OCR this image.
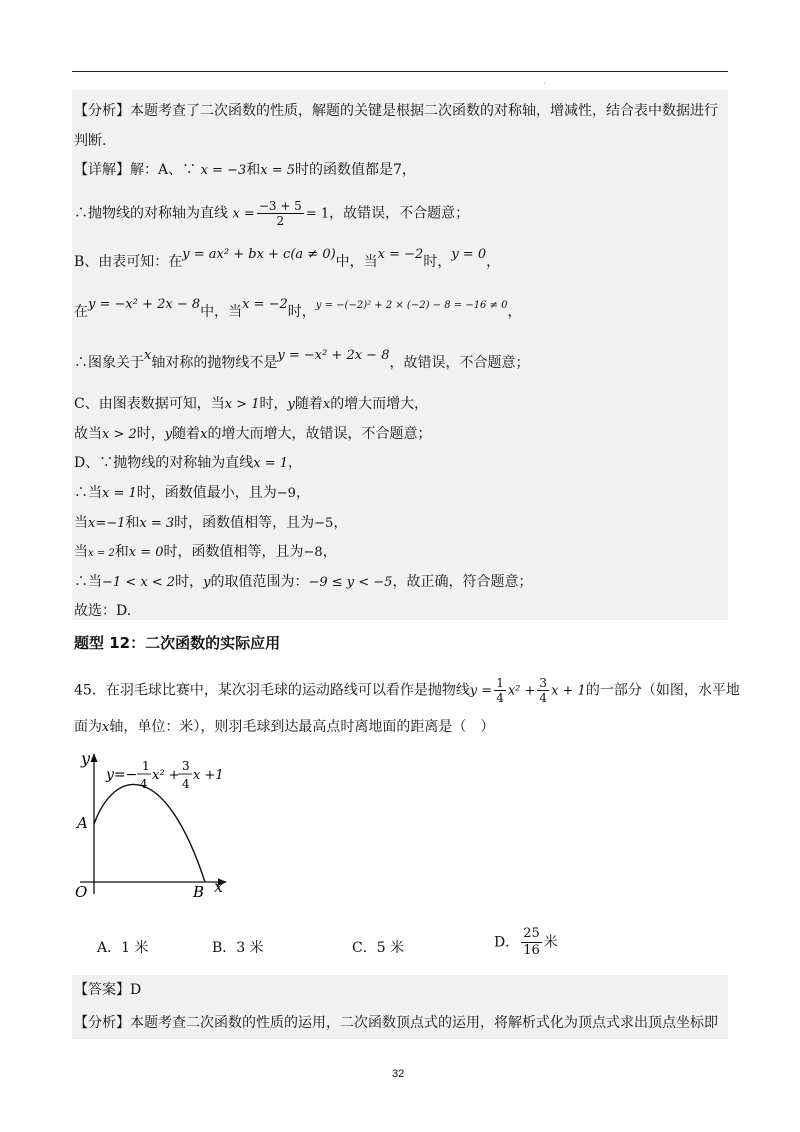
.
【分析】本题考查了二次函数的性质，解题的关键是根据二次函数的对称轴，增减性，结合表中数据进行判断.
【详解】解：A、∵ x = −3和x = 5时的函数值都是7，
∴抛物线的对称轴为直线 $x = \frac{-3 + 5}{2} = 1$，故错误，不合题意；
B、由表可知：在y = ax² + bx + c(a ≠ 0)中，当x = −2时，y = 0，
在y = −x² + 2x − 8中，当x = −2时，$^{y = -(-2)^2 + 2 \times (-2) - 8 = -16 \ne 0}$，
∴图象关于x轴对称的抛物线不是y = −x² + 2x − 8，故错误，不合题意；
C、由图表数据可知，当x > 1时，y随着x的增大而增大，
故当x > 2时，y随着x的增大而增大，故错误，不合题意；
D、∵抛物线的对称轴为直线x = 1，
∴当x = 1时，函数值最小，且为−9，
当x=−1和x = 3时，函数值相等，且为−5，
当x = 2和x = 0时，函数值相等，且为−8，
∴当−1 < x < 2时，y的取值范围为：−9 ≤ y < −5，故正确，符合题意；
故选：D.
题型 12：二次函数的实际应用
45．在羽毛球比赛中，某次羽毛球的运动路线可以看作是抛物线$y = \frac{1}{4} x^2 + \frac{3}{4}$ x + 1的一部分（如图，水平地
面为x轴，单位：米），则羽毛球到达最高点时离地面的距离是（　）
y
x
O
A
B
y=−
1
4
x² +
3
4
x +1
A．1 米	B．3 米	C．5 米	D． $\frac{25}{16}$ 米
【答案】D
【分析】本题考查二次函数的性质的运用，二次函数顶点式的运用，将解析式化为顶点式求出顶点坐标即
32
